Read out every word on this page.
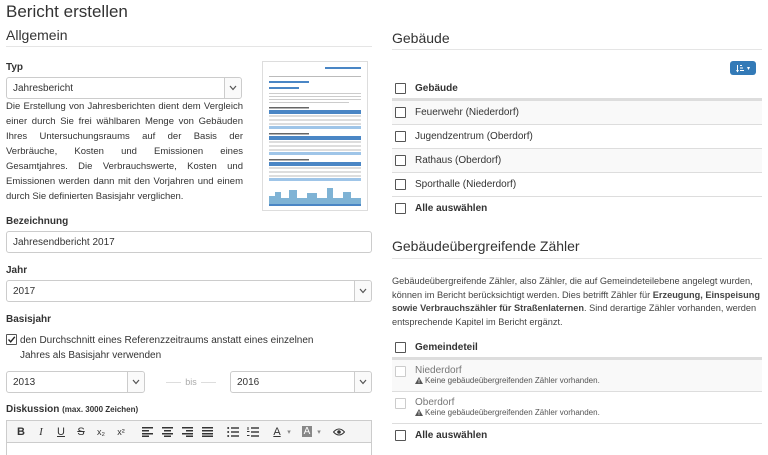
Bericht erstellen
Allgemein
Typ
Jahresbericht
Die Erstellung von Jahresberichten dient dem Vergleich einer durch Sie frei wählbaren Menge von Gebäuden Ihres Untersuchungsraums auf der Basis der Verbräuche, Kosten und Emissionen eines Gesamtjahres. Die Verbrauchswerte, Kosten und Emissionen werden dann mit den Vorjahren und einem durch Sie definierten Basisjahr verglichen.
Bezeichnung
Jahresendbericht 2017
Jahr
2017
Basisjahr
den Durchschnitt eines Referenzzeitraums anstatt eines einzelnen Jahres als Basisjahr verwenden
2013	bis	2016
Diskussion (max. 3000 Zeichen)
B	I	U	S	x₂	x²	A ▾ A ▾
Gebäude
▾
Gebäude
Feuerwehr (Niederdorf)
Jugendzentrum (Oberdorf)
Rathaus (Oberdorf)
Sporthalle (Niederdorf)
Alle auswählen
Gebäudeübergreifende Zähler
Gebäudeübergreifende Zähler, also Zähler, die auf Gemeindeteilebene angelegt wurden, können im Bericht berücksichtigt werden. Dies betrifft Zähler für Erzeugung, Einspeisung sowie Verbrauchszähler für Straßenlaternen. Sind derartige Zähler vorhanden, werden entsprechende Kapitel im Bericht ergänzt.
Gemeindeteil
Niederdorf
Keine gebäudeübergreifenden Zähler vorhanden.
Oberdorf
Keine gebäudeübergreifenden Zähler vorhanden.
Alle auswählen
